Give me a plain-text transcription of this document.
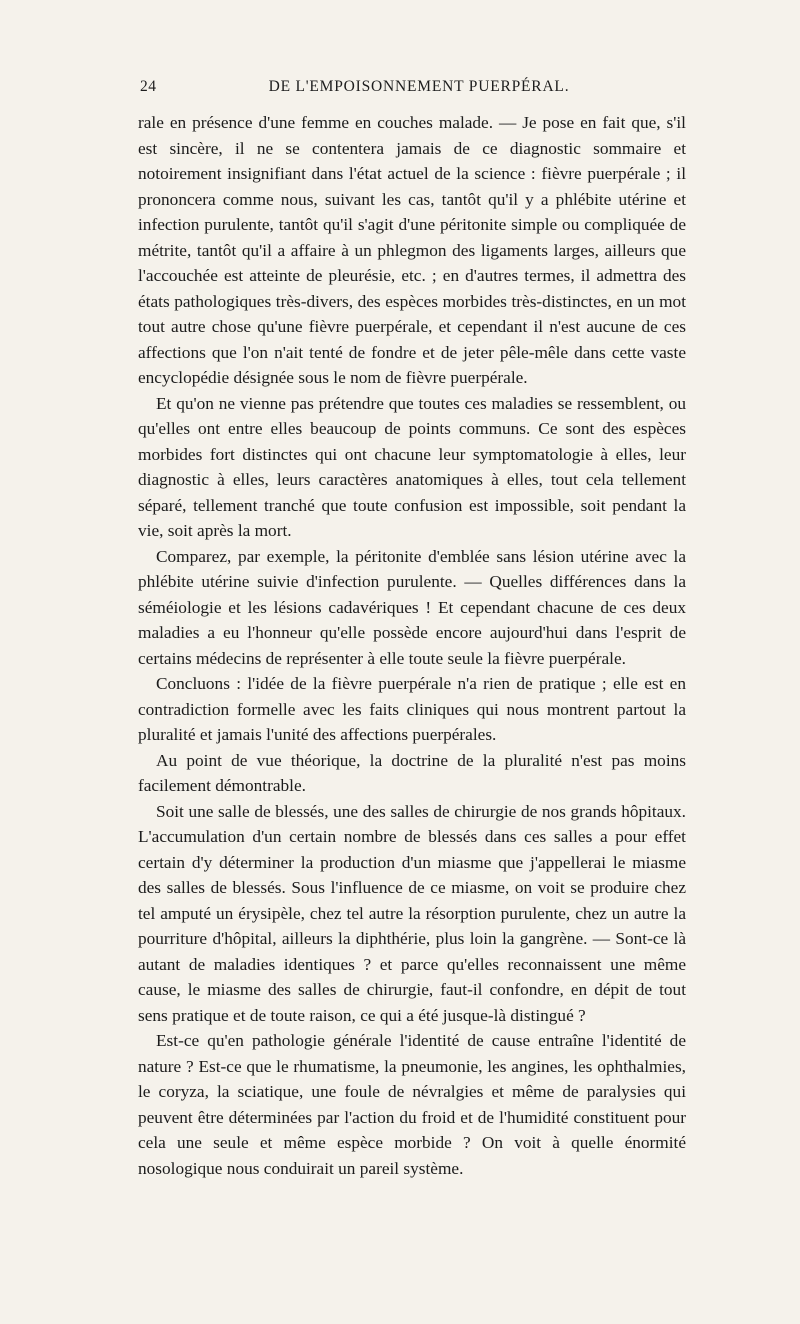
24	DE L'EMPOISONNEMENT PUERPÉRAL.

rale en présence d'une femme en couches malade. — Je pose en fait que, s'il est sincère, il ne se contentera jamais de ce diagnostic sommaire et notoirement insignifiant dans l'état actuel de la science : fièvre puerpérale ; il prononcera comme nous, suivant les cas, tantôt qu'il y a phlébite utérine et infection purulente, tantôt qu'il s'agit d'une péritonite simple ou compliquée de métrite, tantôt qu'il a affaire à un phlegmon des ligaments larges, ailleurs que l'accouchée est atteinte de pleurésie, etc. ; en d'autres termes, il admettra des états pathologiques très-divers, des espèces morbides très-distinctes, en un mot tout autre chose qu'une fièvre puerpérale, et cependant il n'est aucune de ces affections que l'on n'ait tenté de fondre et de jeter pêle-mêle dans cette vaste encyclopédie désignée sous le nom de fièvre puerpérale.

Et qu'on ne vienne pas prétendre que toutes ces maladies se ressemblent, ou qu'elles ont entre elles beaucoup de points communs. Ce sont des espèces morbides fort distinctes qui ont chacune leur symptomatologie à elles, leur diagnostic à elles, leurs caractères anatomiques à elles, tout cela tellement séparé, tellement tranché que toute confusion est impossible, soit pendant la vie, soit après la mort.

Comparez, par exemple, la péritonite d'emblée sans lésion utérine avec la phlébite utérine suivie d'infection purulente. — Quelles différences dans la séméiologie et les lésions cadavériques ! Et cependant chacune de ces deux maladies a eu l'honneur qu'elle possède encore aujourd'hui dans l'esprit de certains médecins de représenter à elle toute seule la fièvre puerpérale.

Concluons : l'idée de la fièvre puerpérale n'a rien de pratique ; elle est en contradiction formelle avec les faits cliniques qui nous montrent partout la pluralité et jamais l'unité des affections puerpérales.

Au point de vue théorique, la doctrine de la pluralité n'est pas moins facilement démontrable.

Soit une salle de blessés, une des salles de chirurgie de nos grands hôpitaux. L'accumulation d'un certain nombre de blessés dans ces salles a pour effet certain d'y déterminer la production d'un miasme que j'appellerai le miasme des salles de blessés. Sous l'influence de ce miasme, on voit se produire chez tel amputé un érysipèle, chez tel autre la résorption purulente, chez un autre la pourriture d'hôpital, ailleurs la diphthérie, plus loin la gangrène. — Sont-ce là autant de maladies identiques ? et parce qu'elles reconnaissent une même cause, le miasme des salles de chirurgie, faut-il confondre, en dépit de tout sens pratique et de toute raison, ce qui a été jusque-là distingué ?

Est-ce qu'en pathologie générale l'identité de cause entraîne l'identité de nature ? Est-ce que le rhumatisme, la pneumonie, les angines, les ophthalmies, le coryza, la sciatique, une foule de névralgies et même de paralysies qui peuvent être déterminées par l'action du froid et de l'humidité constituent pour cela une seule et même espèce morbide ? On voit à quelle énormité nosologique nous conduirait un pareil système.
